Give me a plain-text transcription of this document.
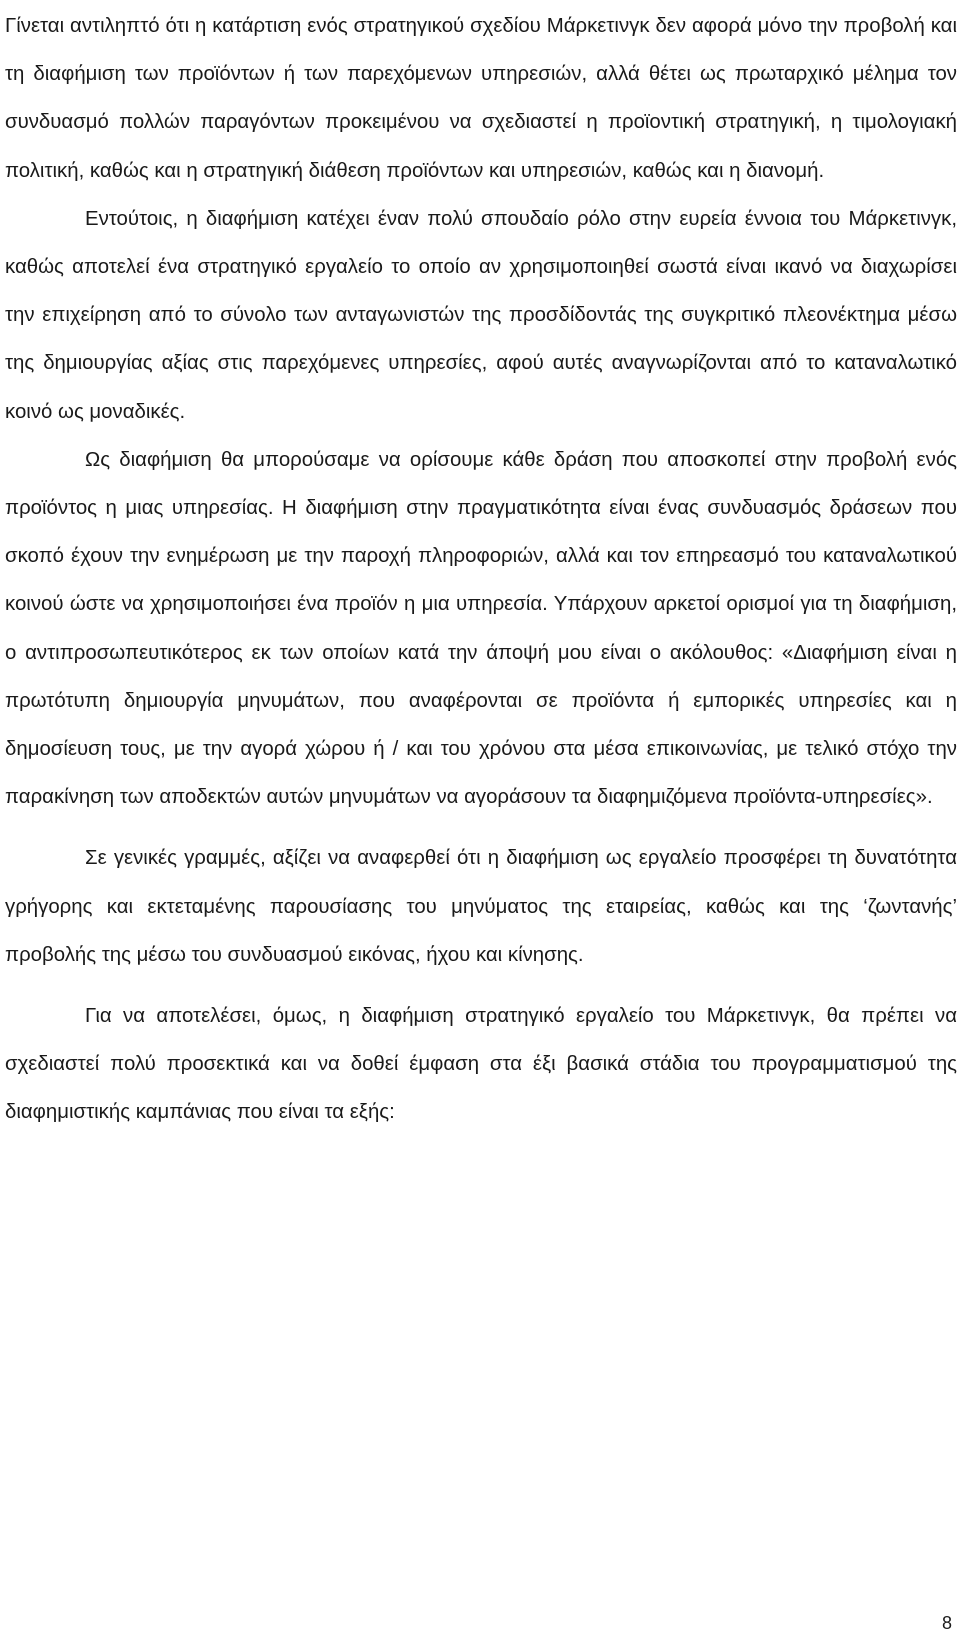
Γίνεται αντιληπτό ότι η κατάρτιση ενός στρατηγικού σχεδίου Μάρκετινγκ δεν αφορά μόνο την προβολή και τη διαφήμιση των προϊόντων ή των παρεχόμενων υπηρεσιών, αλλά θέτει ως πρωταρχικό μέλημα τον συνδυασμό πολλών παραγόντων προκειμένου να σχεδιαστεί η προϊοντική στρατηγική, η τιμολογιακή πολιτική, καθώς και η στρατηγική διάθεση προϊόντων και υπηρεσιών, καθώς και η διανομή.

Εντούτοις, η διαφήμιση κατέχει έναν πολύ σπουδαίο ρόλο στην ευρεία έννοια του Μάρκετινγκ, καθώς αποτελεί ένα στρατηγικό εργαλείο το οποίο αν χρησιμοποιηθεί σωστά είναι ικανό να διαχωρίσει την επιχείρηση από το σύνολο των ανταγωνιστών της προσδίδοντάς της συγκριτικό πλεονέκτημα μέσω της δημιουργίας αξίας στις παρεχόμενες υπηρεσίες, αφού αυτές αναγνωρίζονται από το καταναλωτικό κοινό ως μοναδικές.

Ως διαφήμιση θα μπορούσαμε να ορίσουμε κάθε δράση που αποσκοπεί στην προβολή ενός προϊόντος η μιας υπηρεσίας. Η διαφήμιση στην πραγματικότητα είναι ένας συνδυασμός δράσεων που σκοπό έχουν την ενημέρωση με την παροχή πληροφοριών, αλλά και τον επηρεασμό του καταναλωτικού κοινού ώστε να χρησιμοποιήσει ένα προϊόν η μια υπηρεσία. Υπάρχουν αρκετοί ορισμοί για τη διαφήμιση, ο αντιπροσωπευτικότερος εκ των οποίων κατά την άποψή μου είναι ο ακόλουθος: «Διαφήμιση είναι η πρωτότυπη δημιουργία μηνυμάτων, που αναφέρονται σε προϊόντα ή εμπορικές υπηρεσίες και η δημοσίευση τους, με την αγορά χώρου ή / και του χρόνου στα μέσα επικοινωνίας, με τελικό στόχο την παρακίνηση των αποδεκτών αυτών μηνυμάτων να αγοράσουν τα διαφημιζόμενα προϊόντα-υπηρεσίες».

Σε γενικές γραμμές, αξίζει να αναφερθεί ότι η διαφήμιση ως εργαλείο προσφέρει τη δυνατότητα γρήγορης και εκτεταμένης παρουσίασης του μηνύματος της εταιρείας, καθώς και της ‘ζωντανής’ προβολής της μέσω του συνδυασμού εικόνας, ήχου και κίνησης.

Για να αποτελέσει, όμως, η διαφήμιση στρατηγικό εργαλείο του Μάρκετινγκ, θα πρέπει να σχεδιαστεί πολύ προσεκτικά και να δοθεί έμφαση στα έξι βασικά στάδια του προγραμματισμού της διαφημιστικής καμπάνιας που είναι τα εξής:

8
